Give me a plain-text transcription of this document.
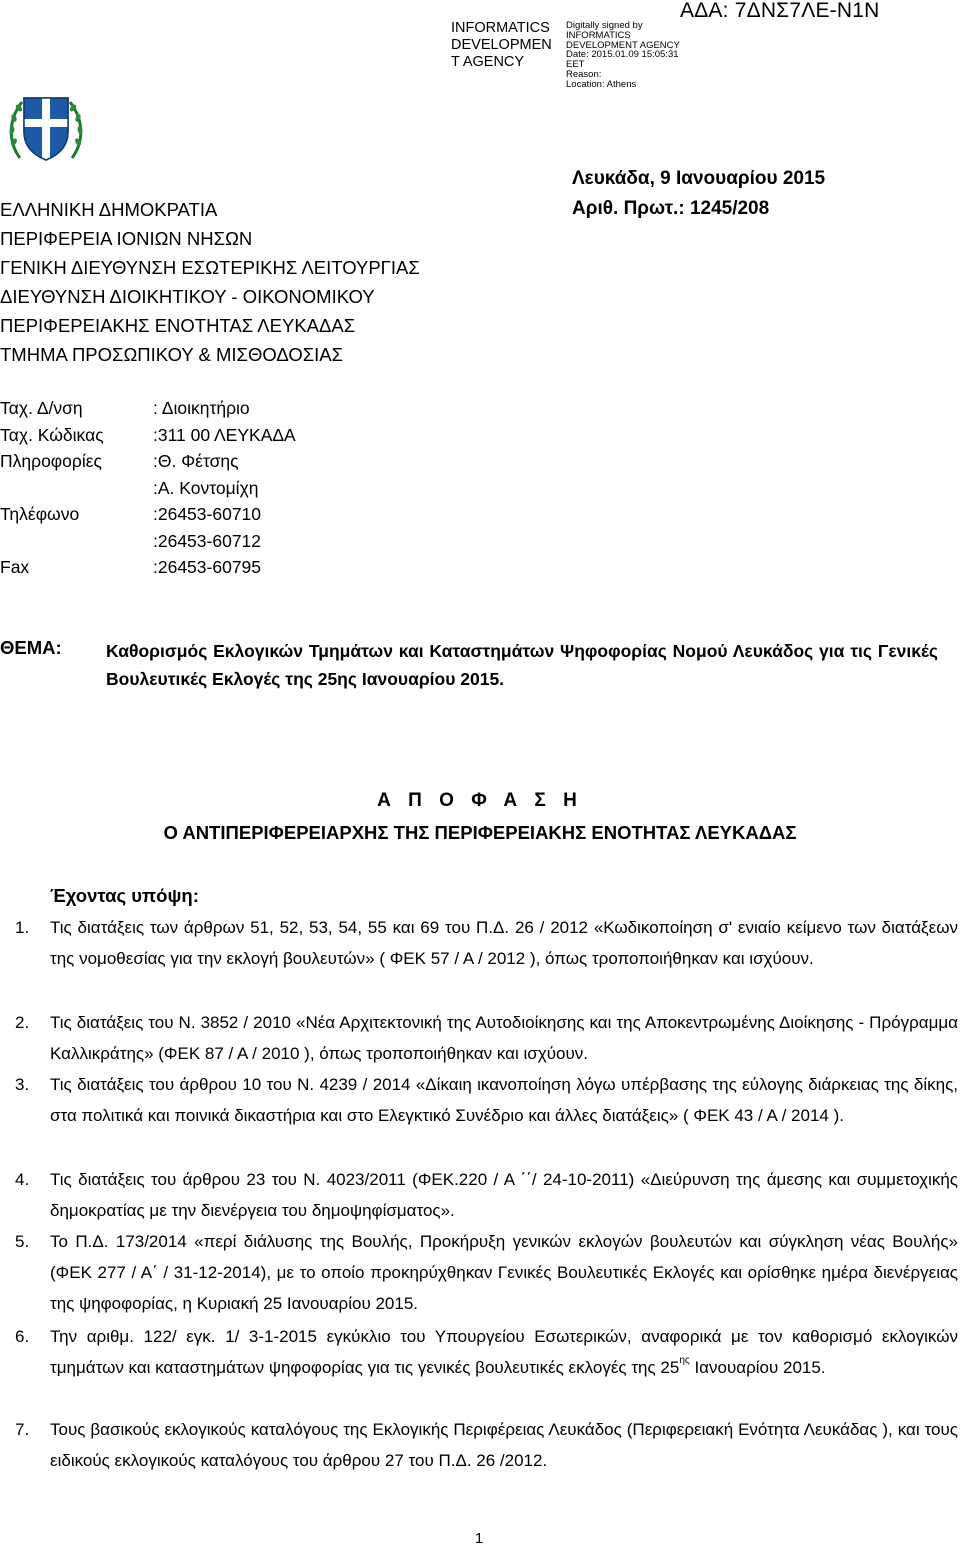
INFORMATICS DEVELOPMEN T AGENCY
Digitally signed by
INFORMATICS
DEVELOPMENT AGENCY
Date: 2015.01.09 15:05:31
EET
Reason:
Location: Athens
ΑΔΑ: 7ΔΝΣ7ΛΕ-Ν1Ν
Λευκάδα, 9 Ιανουαρίου 2015
Αριθ. Πρωτ.: 1245/208
ΕΛΛΗΝΙΚΗ ΔΗΜΟΚΡΑΤΙΑ
ΠΕΡΙΦΕΡΕΙΑ ΙΟΝΙΩΝ ΝΗΣΩΝ
ΓΕΝΙΚΗ ΔΙΕΥΘΥΝΣΗ ΕΣΩΤΕΡΙΚΗΣ ΛΕΙΤΟΥΡΓΙΑΣ
ΔΙΕΥΘΥΝΣΗ ΔΙΟΙΚΗΤΙΚΟΥ - ΟΙΚΟΝΟΜΙΚΟΥ
ΠΕΡΙΦΕΡΕΙΑΚΗΣ ΕΝΟΤΗΤΑΣ ΛΕΥΚΑΔΑΣ
ΤΜΗΜΑ ΠΡΟΣΩΠΙΚΟΥ & ΜΙΣΘΟΔΟΣΙΑΣ
Ταχ. Δ/νση
Ταχ. Κώδικας
Πληροφορίες
Τηλέφωνο
Fax
: Διοικητήριο
:311 00 ΛΕΥΚΑΔΑ
:Θ. Φέτσης
:Α. Κοντομίχη
:26453-60710
:26453-60712
:26453-60795
ΘΕΜΑ:	Καθορισμός Εκλογικών Τμημάτων και Καταστημάτων Ψηφοφορίας Νομού Λευκάδος για τις Γενικές Βουλευτικές Εκλογές της 25ης Ιανουαρίου 2015.
Α Π Ο Φ Α Σ Η
Ο ΑΝΤΙΠΕΡΙΦΕΡΕΙΑΡΧΗΣ ΤΗΣ ΠΕΡΙΦΕΡΕΙΑΚΗΣ ΕΝΟΤΗΤΑΣ ΛΕΥΚΑΔΑΣ
Έχοντας υπόψη:
1. Τις διατάξεις των άρθρων 51, 52, 53, 54, 55 και 69 του Π.Δ. 26 / 2012 «Κωδικοποίηση σ' ενιαίο κείμενο των διατάξεων της νομοθεσίας για την εκλογή βουλευτών» ( ΦΕΚ 57 / Α / 2012 ), όπως τροποποιήθηκαν και ισχύουν.
2. Τις διατάξεις του Ν. 3852 / 2010 «Νέα Αρχιτεκτονική της Αυτοδιοίκησης και της Αποκεντρωμένης Διοίκησης - Πρόγραμμα Καλλικράτης» (ΦΕΚ 87 / Α / 2010 ), όπως τροποποιήθηκαν και ισχύουν.
3. Τις διατάξεις του άρθρου 10 του Ν. 4239 / 2014 «Δίκαιη ικανοποίηση λόγω υπέρβασης της εύλογης διάρκειας της δίκης, στα πολιτικά και ποινικά δικαστήρια και στο Ελεγκτικό Συνέδριο και άλλες διατάξεις» ( ΦΕΚ 43 / Α / 2014 ).
4. Τις διατάξεις του άρθρου 23 του Ν. 4023/2011 (ΦΕΚ.220 / Α ΄΄/ 24-10-2011) «Διεύρυνση της άμεσης και συμμετοχικής δημοκρατίας με την διενέργεια του δημοψηφίσματος».
5. Το Π.Δ. 173/2014 «περί διάλυσης της Βουλής, Προκήρυξη γενικών εκλογών βουλευτών και σύγκληση νέας Βουλής» (ΦΕΚ 277 / Α΄ / 31-12-2014), με το οποίο προκηρύχθηκαν Γενικές Βουλευτικές Εκλογές και ορίσθηκε ημέρα διενέργειας της ψηφοφορίας, η Κυριακή 25 Ιανουαρίου 2015.
6. Την αριθμ. 122/ εγκ. 1/ 3-1-2015 εγκύκλιο του Υπουργείου Εσωτερικών, αναφορικά με τον καθορισμό εκλογικών τμημάτων και καταστημάτων ψηφοφορίας για τις γενικές βουλευτικές εκλογές της $25^{\eta\varsigma}$ Ιανουαρίου 2015.
7. Τους βασικούς εκλογικούς καταλόγους της Εκλογικής Περιφέρειας Λευκάδος (Περιφερειακή Ενότητα Λευκάδας ), και τους ειδικούς εκλογικούς καταλόγους του άρθρου 27 του Π.Δ. 26 /2012.
1
